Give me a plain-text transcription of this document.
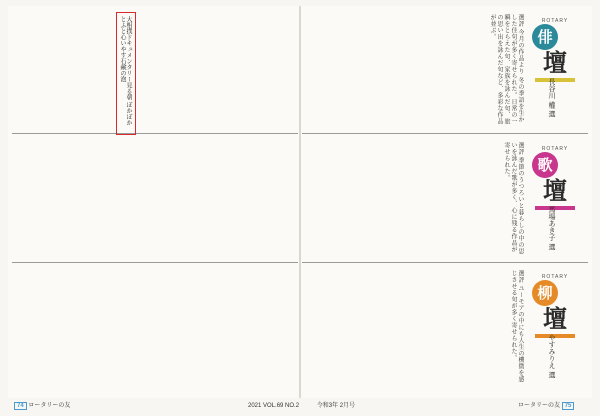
ROTARY
俳
壇
長谷川 權 選
ROTARY
歌
壇
馬場あき子 選
ROTARY
柳
壇
やすみりえ 選
選評 今月の作品より 冬の季語を生かした佳句が多く寄せられた。日常の一瞬をとらえた句、家族を詠んだ句、旅の思い出を詠んだ句など、多彩な作品が並ぶ。
選評 季節のうつろいと暮らしの中の思いを詠んだ歌が多く、心に残る作品が寄せられた。
選評 ユーモアの中にも人生の機微を感じさせる句が多く寄せられた。
大相撲ドキュメンタリー見る朝 ぽかぽかとふと心いやす石鹸の泡
74 ロータリーの友	2021 VOL.69 NO.2	令和3年 2月号	ロータリーの友 75
